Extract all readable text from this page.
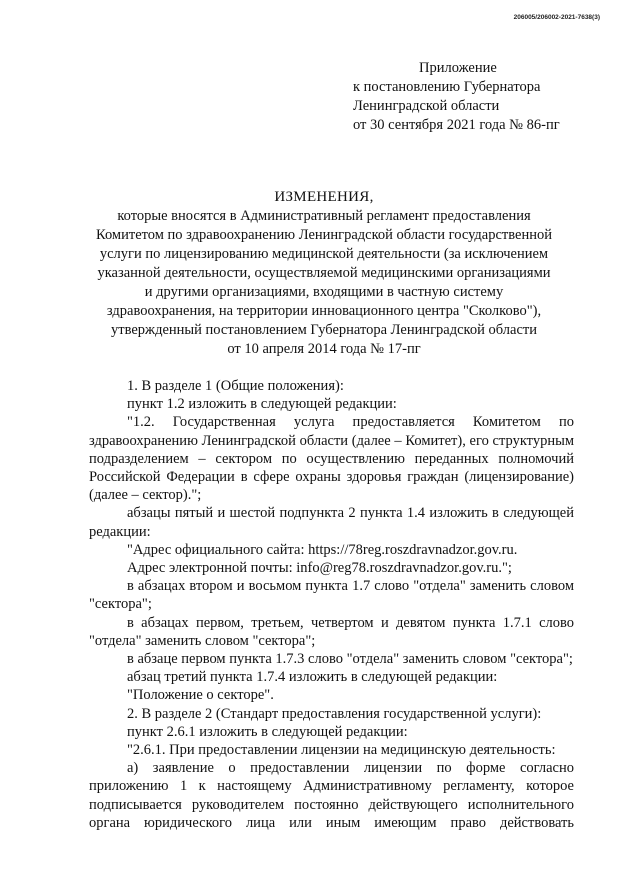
206005/206002-2021-7638(3)
Приложение
к постановлению Губернатора
Ленинградской области
от 30 сентября 2021 года № 86-пг
ИЗМЕНЕНИЯ,
которые вносятся в Административный регламент предоставления
Комитетом по здравоохранению Ленинградской области государственной
услуги по лицензированию медицинской деятельности (за исключением
указанной деятельности, осуществляемой медицинскими организациями
и другими организациями, входящими в частную систему
здравоохранения, на территории инновационного центра "Сколково"),
утвержденный постановлением Губернатора Ленинградской области
от 10 апреля 2014 года № 17-пг

1. В разделе 1 (Общие положения):

пункт 1.2 изложить в следующей редакции:

"1.2. Государственная услуга предоставляется Комитетом по здравоохранению Ленинградской области (далее – Комитет), его структурным подразделением – сектором по осуществлению переданных полномочий Российской Федерации в сфере охраны здоровья граждан (лицензирование) (далее – сектор).";

абзацы пятый и шестой подпункта 2 пункта 1.4 изложить в следующей редакции:

"Адрес официального сайта: https://78reg.roszdravnadzor.gov.ru.

Адрес электронной почты: info@reg78.roszdravnadzor.gov.ru.";

в абзацах втором и восьмом пункта 1.7 слово "отдела" заменить словом "сектора";

в абзацах первом, третьем, четвертом и девятом пункта 1.7.1 слово "отдела" заменить словом "сектора";

в абзаце первом пункта 1.7.3 слово "отдела" заменить словом "сектора";

абзац третий пункта 1.7.4 изложить в следующей редакции:

"Положение о секторе".

2. В разделе 2 (Стандарт предоставления государственной услуги):

пункт 2.6.1 изложить в следующей редакции:

"2.6.1. При предоставлении лицензии на медицинскую деятельность:

а) заявление о предоставлении лицензии по форме согласно приложению 1 к настоящему Административному регламенту, которое подписывается руководителем постоянно действующего исполнительного органа юридического лица или иным имеющим право действовать
